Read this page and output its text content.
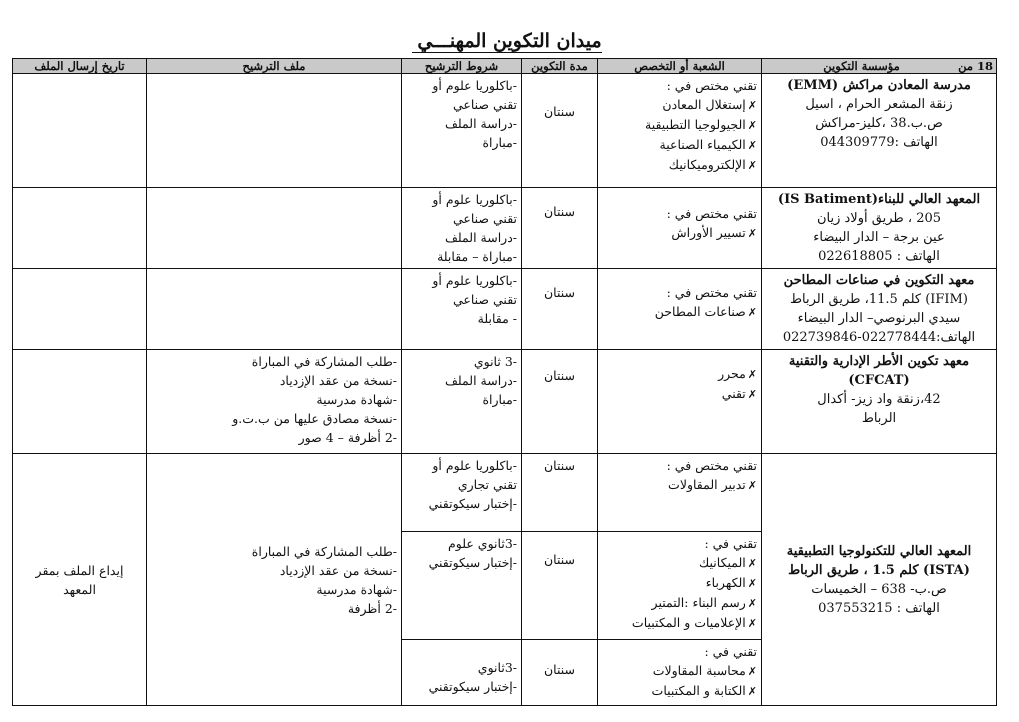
ميدان التكوين المهنـــي
18 من
مؤسسة التكوين	الشعبة أو التخصص	مدة التكوين	شروط الترشيح	ملف الترشيح	تاريخ إرسال الملف

مدرسة المعادن مراكش (EMM)
زنقة المشعر الحرام ، اسيل
ص.ب.38 ،كليز-مراكش
الهاتف :044309779	تقني مختص في :
✗ إستغلال المعادن
✗ الجيولوجيا التطبيقية
✗ الكيمياء الصناعية
✗ الإلكتروميكانيك	سنتان	-باكلوريا علوم أو
تقني صناعي
-دراسة الملف
-مباراة		

المعهد العالي للبناء(IS Batiment)
205 ، طريق أولاد زيان
عين برجة – الدار البيضاء
الهاتف : 022618805	تقني مختص في :
✗ تسيير الأوراش	سنتان	-باكلوريا علوم أو
تقني صناعي
-دراسة الملف
-مباراة – مقابلة		

معهد التكوين في صناعات المطاحن
(IFIM) كلم 11.5، طريق الرباط
سيدي البرنوصي– الدار البيضاء
الهاتف:022778444-022739846	تقني مختص في :
✗ صناعات المطاحن	سنتان	-باكلوريا علوم أو
تقني صناعي
- مقابلة		

معهد تكوين الأطر الإدارية والتقنية
(CFCAT)
42،زنقة واد زيز- أكدال
الرباط	✗ محرر
✗ تقني	سنتان	-3 ثانوي
-دراسة الملف
-مباراة	-طلب المشاركة في المباراة
-نسخة من عقد الإزدياد
-شهادة مدرسية
-نسخة مصادق عليها من ب.ت.و
-2 أظرفة – 4 صور	

المعهد العالي للتكنولوجيا التطبيقية
(ISTA) كلم 1.5 ، طريق الرباط
ص.ب- 638 – الخميسات
الهاتف : 037553215	تقني مختص في :
✗ تدبير المقاولات	سنتان	-باكلوريا علوم أو
تقني تجاري
-إختبار سيكوتقني	-طلب المشاركة في المباراة
-نسخة من عقد الإزدياد
-شهادة مدرسية
-2 أظرفة	إيداع الملف بمقر
المعهد

	تقني في :
✗ الميكانيك
✗ الكهرباء
✗ رسم البناء :التمتير
✗ الإعلاميات و المكتبيات	سنتان	-3ثانوي علوم
-إختبار سيكوتقني		

	تقني في :
✗ محاسبة المقاولات
✗ الكتابة و المكتبيات	سنتان	-3ثانوي
-إختبار سيكوتقني		
